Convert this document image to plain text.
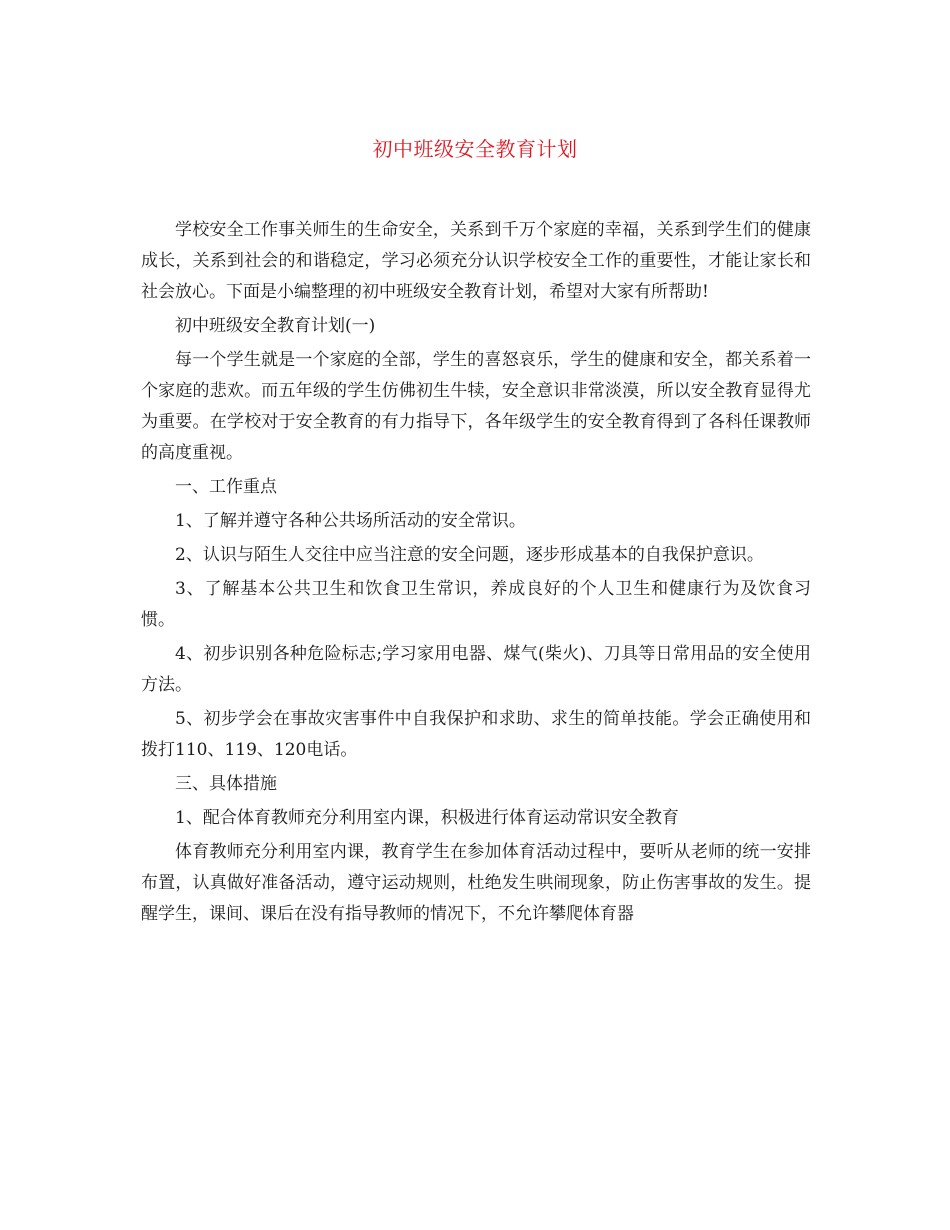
初中班级安全教育计划

学校安全工作事关师生的生命安全，关系到千万个家庭的幸福，关系到学生们的健康成长，关系到社会的和谐稳定，学习必须充分认识学校安全工作的重要性，才能让家长和社会放心。下面是小编整理的初中班级安全教育计划，希望对大家有所帮助!

初中班级安全教育计划(一)

每一个学生就是一个家庭的全部，学生的喜怒哀乐，学生的健康和安全，都关系着一个家庭的悲欢。而五年级的学生仿佛初生牛犊，安全意识非常淡漠，所以安全教育显得尤为重要。在学校对于安全教育的有力指导下，各年级学生的安全教育得到了各科任课教师的高度重视。

一、工作重点

1、了解并遵守各种公共场所活动的安全常识。

2、认识与陌生人交往中应当注意的安全问题，逐步形成基本的自我保护意识。

3、了解基本公共卫生和饮食卫生常识，养成良好的个人卫生和健康行为及饮食习惯。

4、初步识别各种危险标志;学习家用电器、煤气(柴火)、刀具等日常用品的安全使用方法。

5、初步学会在事故灾害事件中自我保护和求助、求生的简单技能。学会正确使用和拨打110、119、120电话。

三、具体措施

1、配合体育教师充分利用室内课，积极进行体育运动常识安全教育

体育教师充分利用室内课，教育学生在参加体育活动过程中，要听从老师的统一安排布置，认真做好准备活动，遵守运动规则，杜绝发生哄闹现象，防止伤害事故的发生。提醒学生，课间、课后在没有指导教师的情况下，不允许攀爬体育器
